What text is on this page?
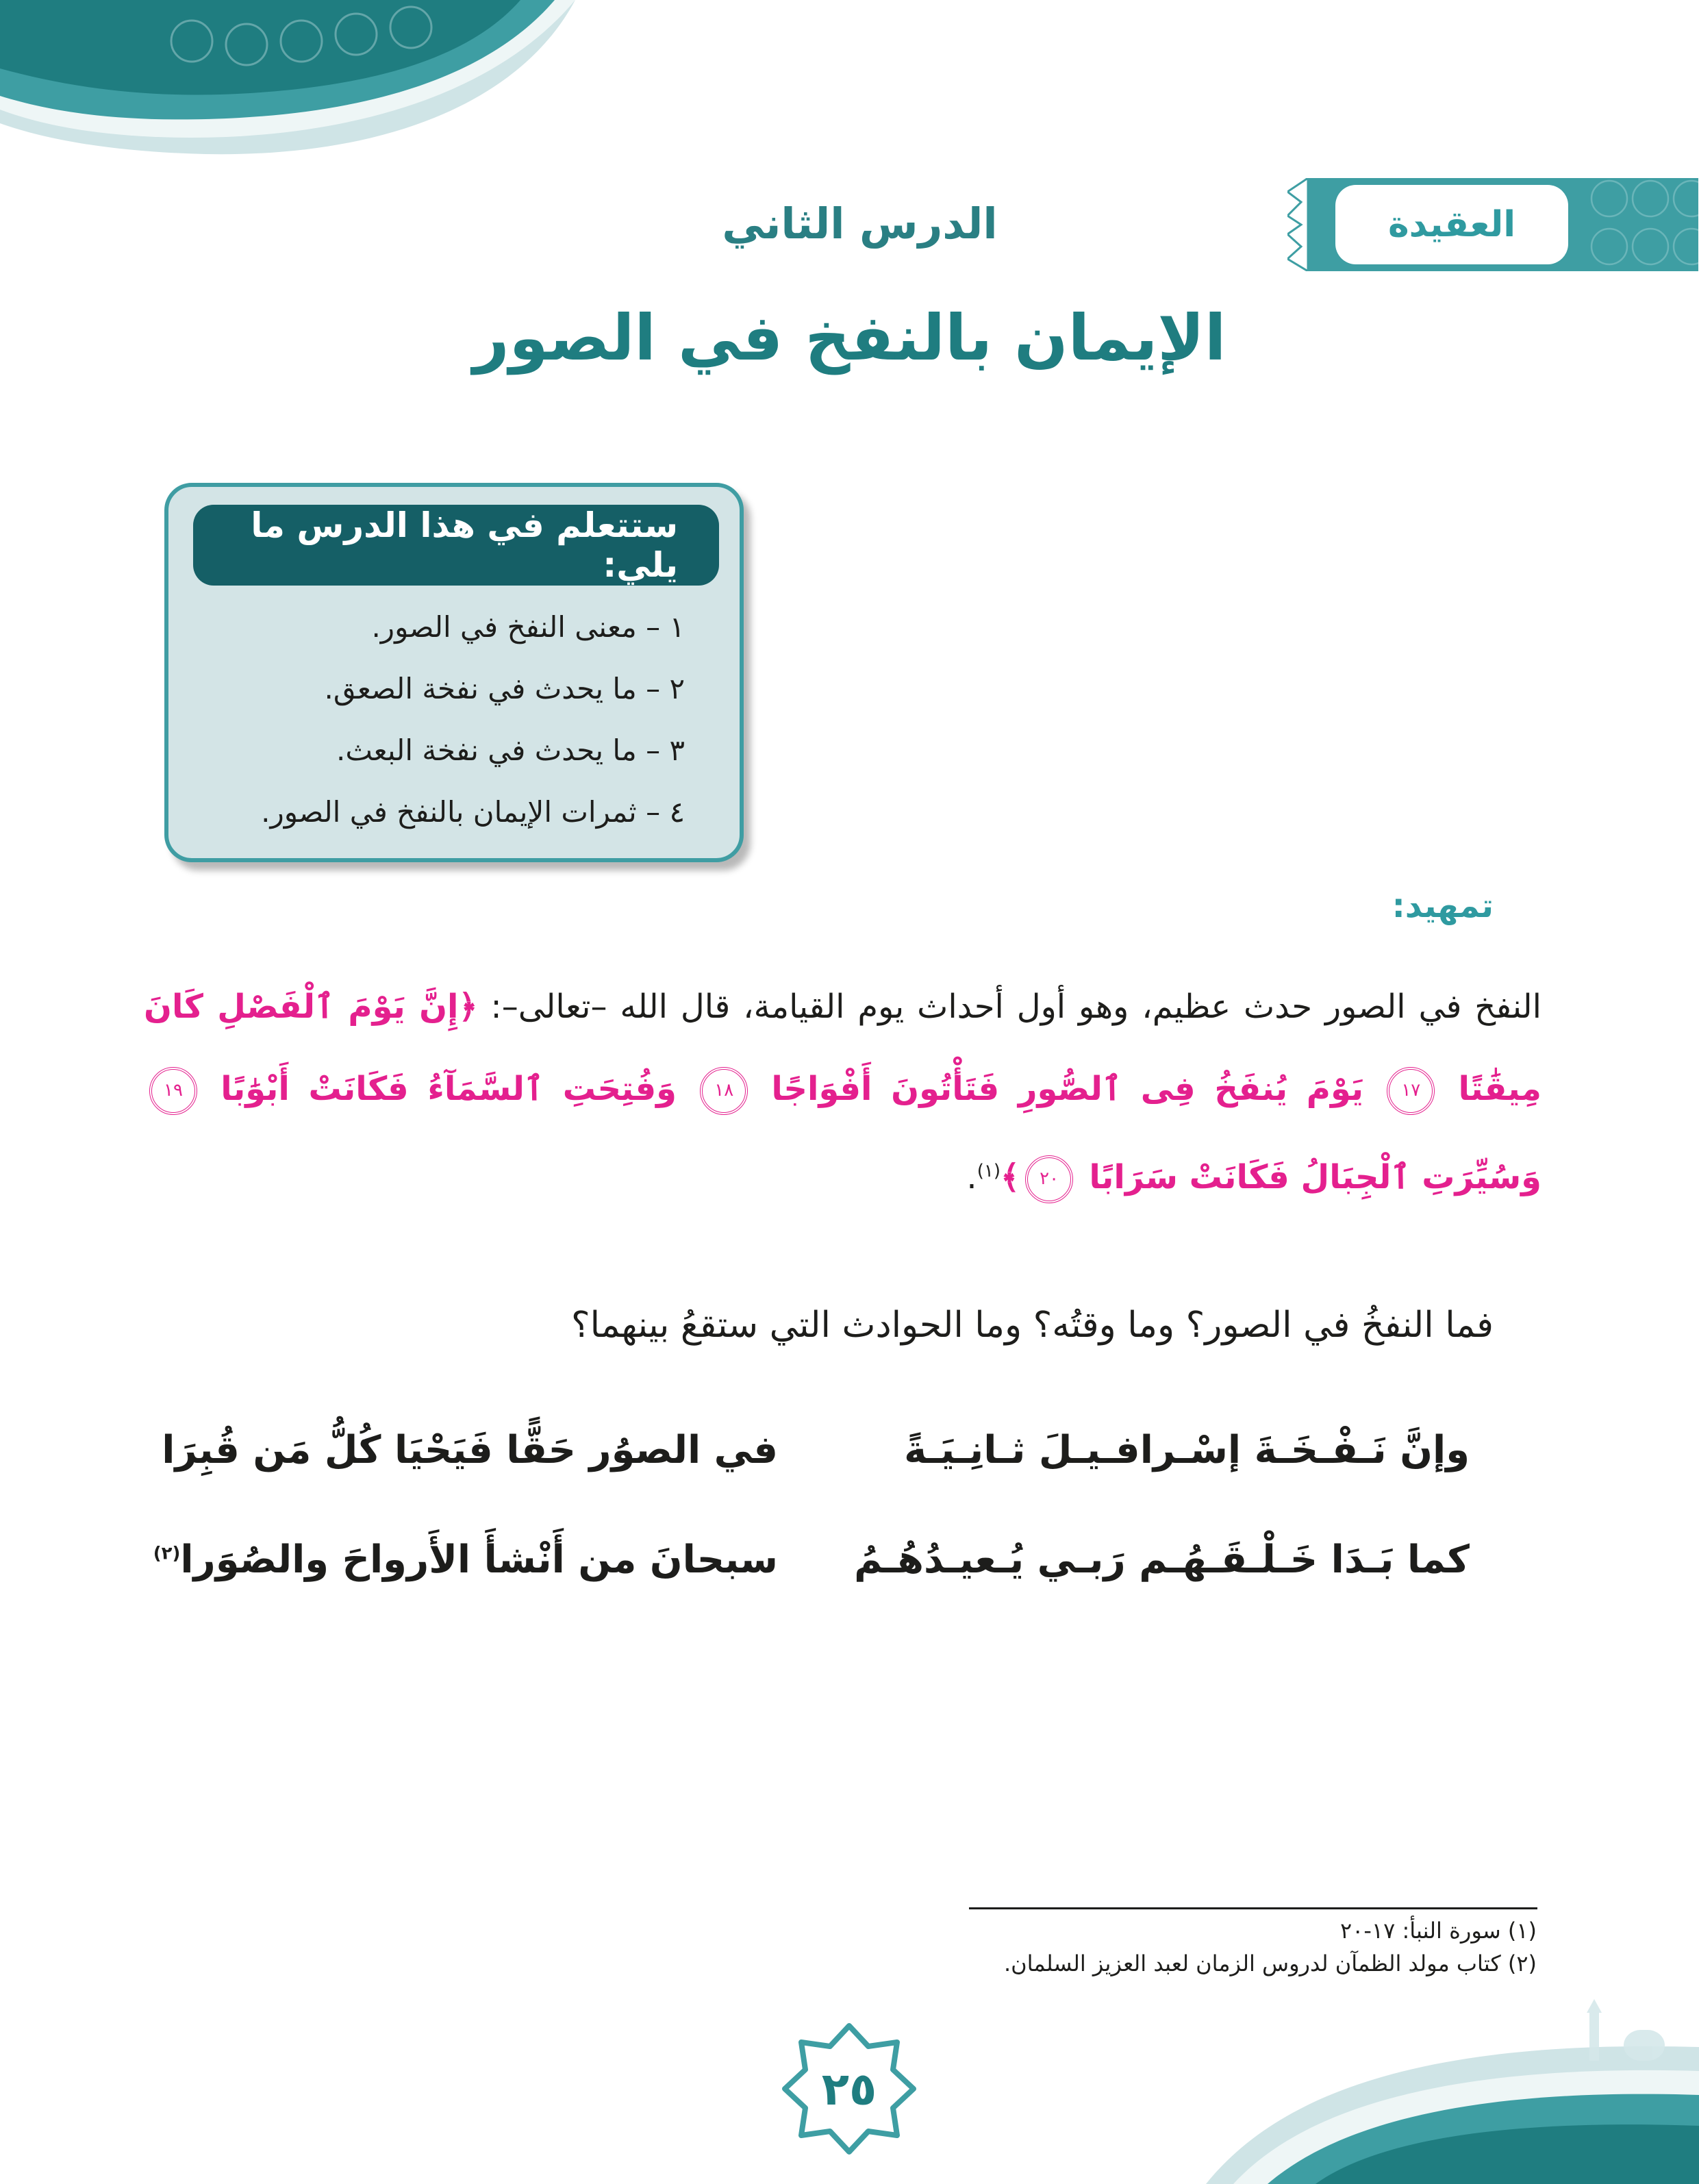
العقيدة
الدرس الثاني
الإيمان بالنفخ في الصور
ستتعلم في هذا الدرس ما يلي:
١ – معنى النفخ في الصور.
٢ – ما يحدث في نفخة الصعق.
٣ – ما يحدث في نفخة البعث.
٤ – ثمرات الإيمان بالنفخ في الصور.
تمهيد:
النفخ في الصور حدث عظيم، وهو أول أحداث يوم القيامة، قال الله –تعالى–: ﴿إِنَّ يَوْمَ ٱلْفَصْلِ كَانَ مِيقَٰتًا ١٧ يَوْمَ يُنفَخُ فِى ٱلصُّورِ فَتَأْتُونَ أَفْوَاجًا ١٨ وَفُتِحَتِ ٱلسَّمَآءُ فَكَانَتْ أَبْوَٰبًا ١٩ وَسُيِّرَتِ ٱلْجِبَالُ فَكَانَتْ سَرَابًا ٢٠﴾$^{(١)}$.
فما النفخُ في الصور؟ وما وقتُه؟ وما الحوادث التي ستقعُ بينهما؟
وإنَّ نَـفْـخَـةَ إسْـرافـيـلَ ثـانِـيَـةً
في الصوُر حَقًّا فَيَحْيَا كُلُّ مَن قُبِرَا
كما بَـدَا خَـلْـقَـهُـم رَبـي يُـعيـدُهُـمُ
سبحانَ من أَنْشأَ الأَرواحَ والصُوَرا$^{(٢)}$
(١) سورة النبأ: ١٧-٢٠
(٢) كتاب مولد الظمآن لدروس الزمان لعبد العزيز السلمان.
٢٥
